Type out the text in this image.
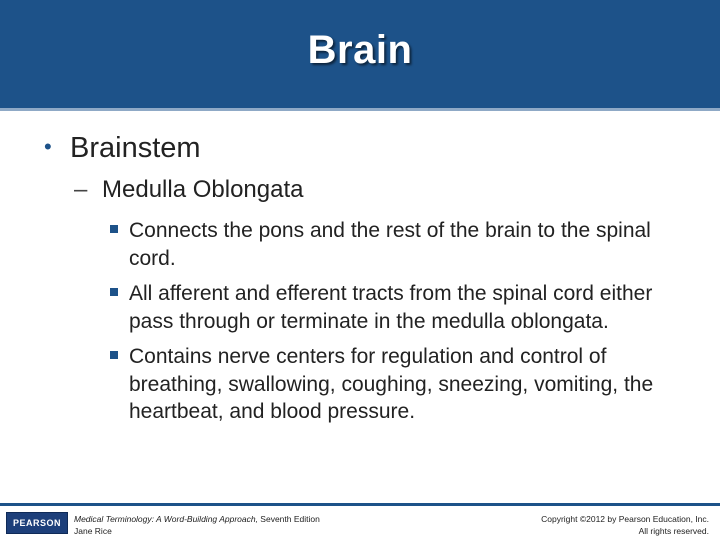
Brain
• Brainstem
– Medulla Oblongata
Connects the pons and the rest of the brain to the spinal cord.
All afferent and efferent tracts from the spinal cord either pass through or terminate in the medulla oblongata.
Contains nerve centers for regulation and control of breathing, swallowing, coughing, sneezing, vomiting, the heartbeat, and blood pressure.
PEARSON	Medical Terminology: A Word-Building Approach, Seventh Edition
Jane Rice
Copyright ©2012 by Pearson Education, Inc.
All rights reserved.
